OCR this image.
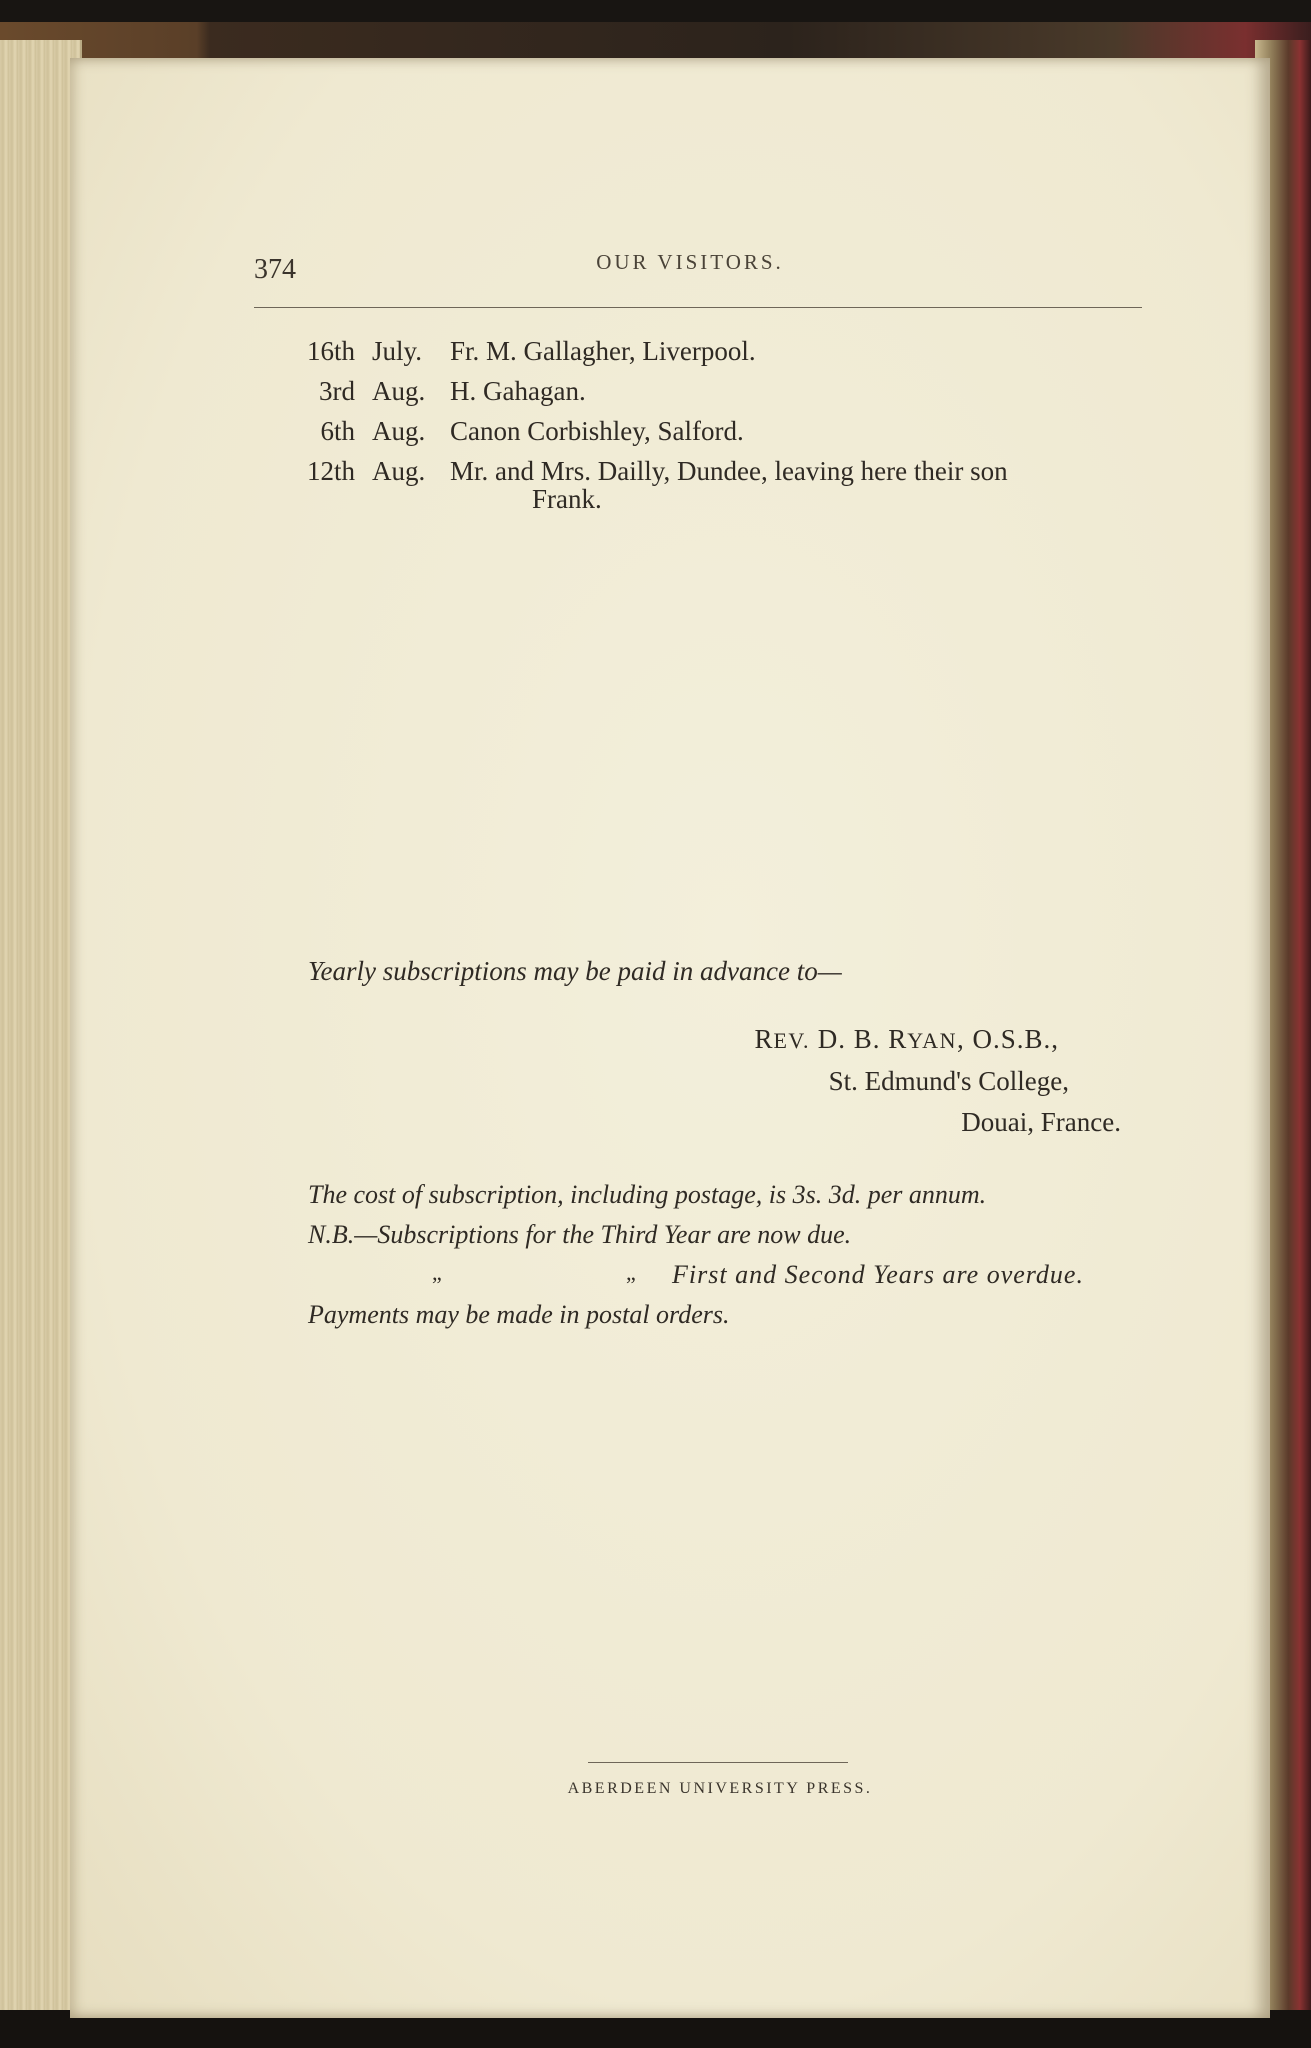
374	OUR VISITORS.
16th July. Fr. M. Gallagher, Liverpool.
3rd Aug. H. Gahagan.
6th Aug. Canon Corbishley, Salford.
12th Aug. Mr. and Mrs. Dailly, Dundee, leaving here their son
Frank.
Yearly subscriptions may be paid in advance to—
REV. D. B. RYAN, O.S.B.,
St. Edmund's College,
Douai, France.
The cost of subscription, including postage, is 3s. 3d. per annum.
N.B.—Subscriptions for the Third Year are now due.
„	„ First and Second Years are overdue.
Payments may be made in postal orders.
ABERDEEN UNIVERSITY PRESS.
